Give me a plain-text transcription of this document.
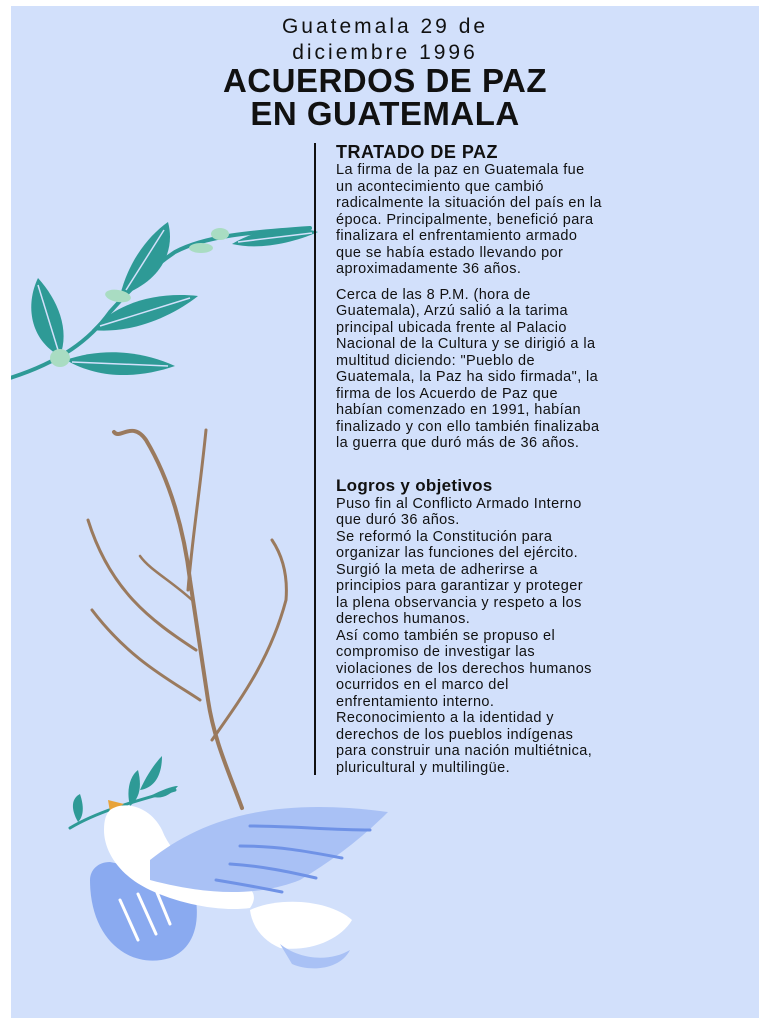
Guatemala 29 de
diciembre 1996
ACUERDOS DE PAZ
EN GUATEMALA
TRATADO DE PAZ

La firma de la paz en Guatemala fue

un acontecimiento que cambió

radicalmente la situación del país en la

época. Principalmente, benefició para

finalizara el enfrentamiento armado

que se había estado llevando por

aproximadamente 36 años.

Cerca de las 8 P.M. (hora de

Guatemala), Arzú salió a la tarima

principal ubicada frente al Palacio

Nacional de la Cultura y se dirigió a la

multitud diciendo: "Pueblo de

Guatemala, la Paz ha sido firmada", la

firma de los Acuerdo de Paz que

habían comenzado en 1991, habían

finalizado y con ello también finalizaba

la guerra que duró más de 36 años.

Logros y objetivos

Puso fin al Conflicto Armado Interno

que duró 36 años.

Se reformó la Constitución para

organizar las funciones del ejército.

Surgió la meta de adherirse a

principios para garantizar y proteger

la plena observancia y respeto a los

derechos humanos.

Así como también se propuso el

compromiso de investigar las

violaciones de los derechos humanos

ocurridos en el marco del

enfrentamiento interno.

Reconocimiento a la identidad y

derechos de los pueblos indígenas

para construir una nación multiétnica,

pluricultural y multilingüe.
